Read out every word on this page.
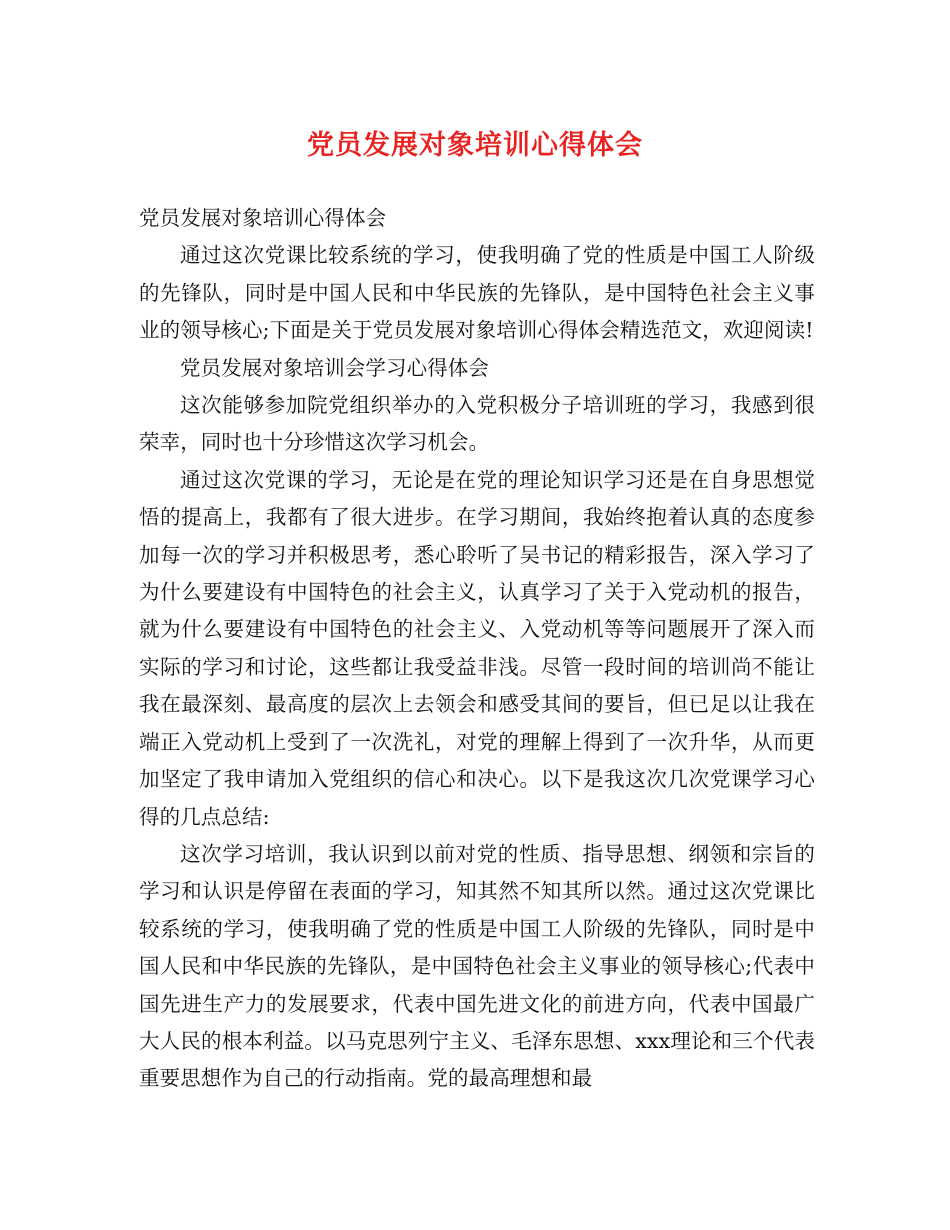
党员发展对象培训心得体会

党员发展对象培训心得体会

通过这次党课比较系统的学习，使我明确了党的性质是中国工人阶级的先锋队，同时是中国人民和中华民族的先锋队，是中国特色社会主义事业的领导核心;下面是关于党员发展对象培训心得体会精选范文，欢迎阅读!

党员发展对象培训会学习心得体会

这次能够参加院党组织举办的入党积极分子培训班的学习，我感到很荣幸，同时也十分珍惜这次学习机会。

通过这次党课的学习，无论是在党的理论知识学习还是在自身思想觉悟的提高上，我都有了很大进步。在学习期间，我始终抱着认真的态度参加每一次的学习并积极思考，悉心聆听了吴书记的精彩报告，深入学习了为什么要建设有中国特色的社会主义，认真学习了关于入党动机的报告，就为什么要建设有中国特色的社会主义、入党动机等等问题展开了深入而实际的学习和讨论，这些都让我受益非浅。尽管一段时间的培训尚不能让我在最深刻、最高度的层次上去领会和感受其间的要旨，但已足以让我在端正入党动机上受到了一次洗礼，对党的理解上得到了一次升华，从而更加坚定了我申请加入党组织的信心和决心。以下是我这次几次党课学习心得的几点总结:

这次学习培训，我认识到以前对党的性质、指导思想、纲领和宗旨的学习和认识是停留在表面的学习，知其然不知其所以然。通过这次党课比较系统的学习，使我明确了党的性质是中国工人阶级的先锋队，同时是中国人民和中华民族的先锋队，是中国特色社会主义事业的领导核心;代表中国先进生产力的发展要求，代表中国先进文化的前进方向，代表中国最广大人民的根本利益。以马克思列宁主义、毛泽东思想、xxx理论和三个代表重要思想作为自己的行动指南。党的最高理想和最
